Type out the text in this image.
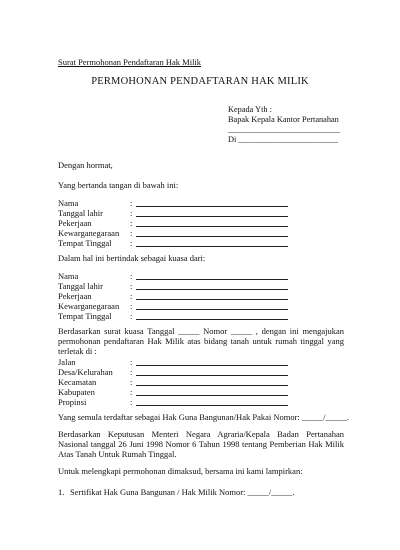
Surat Permohonan Pendaftaran Hak Milik
PERMOHONAN PENDAFTARAN HAK MILIK
Kepada Yth :
Bapak Kepala Kantor Pertanahan
___________________________
Di ________________________
Dengan hormat,
Yang bertanda tangan di bawah ini:
Nama	:
Tanggal lahir	:
Pekerjaan	:
Kewarganegaraan :
Tempat Tinggal :
Dalam hal ini bertindak sebagai kuasa dari:
Nama	:
Tanggal lahir	:
Pekerjaan	:
Kewarganegaraan :
Tempat Tinggal :
Berdasarkan surat kuasa Tanggal _____ Nomor _____ , dengan ini mengajukan permohonan pendaftaran Hak Milik atas bidang tanah untuk rumah tinggal yang terletak di :
Jalan	:
Desa/Kelurahan :
Kecamatan	:
Kabupaten	:
Propinsi	:
Yang semula terdaftar sebagai Hak Guna Bangunan/Hak Pakai Nomor: _____/_____.
Berdasarkan Keputusan Menteri Negara Agraria/Kepala Badan Pertanahan Nasional tanggal 26 Juni 1998 Nomor 6 Tahun 1998 tentang Pemberian Hak Milik Atas Tanah Untuk Rumah Tinggal.
Untuk melengkapi permohonan dimaksud, bersama ini kami lampirkan:
1. Sertifikat Hak Guna Bangunan / Hak Milik Nomor: _____/_____.
